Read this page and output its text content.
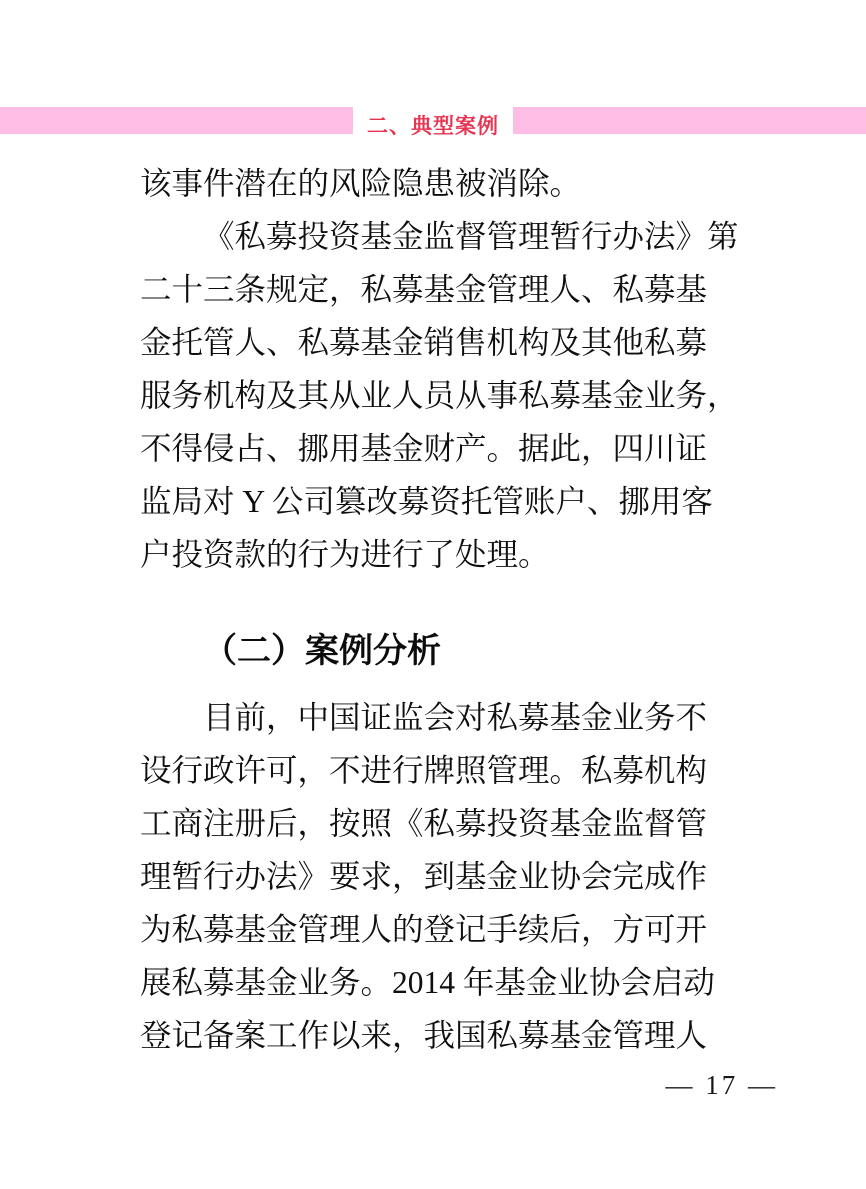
二、典型案例
该事件潜在的风险隐患被消除。
《私募投资基金监督管理暂行办法》第
二十三条规定，私募基金管理人、私募基
金托管人、私募基金销售机构及其他私募
服务机构及其从业人员从事私募基金业务，
不得侵占、挪用基金财产。据此，四川证
监局对 Y 公司篡改募资托管账户、挪用客
户投资款的行为进行了处理。
（二）案例分析
目前，中国证监会对私募基金业务不
设行政许可，不进行牌照管理。私募机构
工商注册后，按照《私募投资基金监督管
理暂行办法》要求，到基金业协会完成作
为私募基金管理人的登记手续后，方可开
展私募基金业务。2014 年基金业协会启动
登记备案工作以来，我国私募基金管理人
— 17 —
